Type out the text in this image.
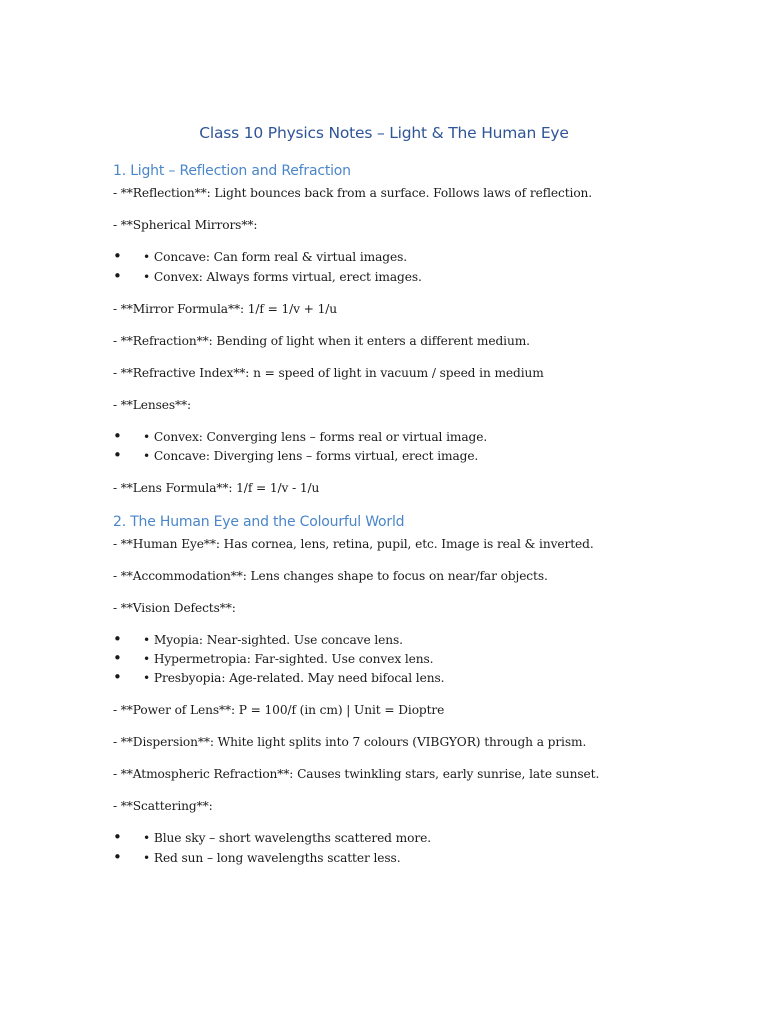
Class 10 Physics Notes – Light & The Human Eye
1. Light – Reflection and Refraction
- **Reflection**: Light bounces back from a surface. Follows laws of reflection.
- **Spherical Mirrors**:
• • Concave: Can form real & virtual images.
• • Convex: Always forms virtual, erect images.
- **Mirror Formula**: 1/f = 1/v + 1/u
- **Refraction**: Bending of light when it enters a different medium.
- **Refractive Index**: n = speed of light in vacuum / speed in medium
- **Lenses**:
• • Convex: Converging lens – forms real or virtual image.
• • Concave: Diverging lens – forms virtual, erect image.
- **Lens Formula**: 1/f = 1/v - 1/u
2. The Human Eye and the Colourful World
- **Human Eye**: Has cornea, lens, retina, pupil, etc. Image is real & inverted.
- **Accommodation**: Lens changes shape to focus on near/far objects.
- **Vision Defects**:
• • Myopia: Near-sighted. Use concave lens.
• • Hypermetropia: Far-sighted. Use convex lens.
• • Presbyopia: Age-related. May need bifocal lens.
- **Power of Lens**: P = 100/f (in cm) | Unit = Dioptre
- **Dispersion**: White light splits into 7 colours (VIBGYOR) through a prism.
- **Atmospheric Refraction**: Causes twinkling stars, early sunrise, late sunset.
- **Scattering**:
• • Blue sky – short wavelengths scattered more.
• • Red sun – long wavelengths scatter less.
